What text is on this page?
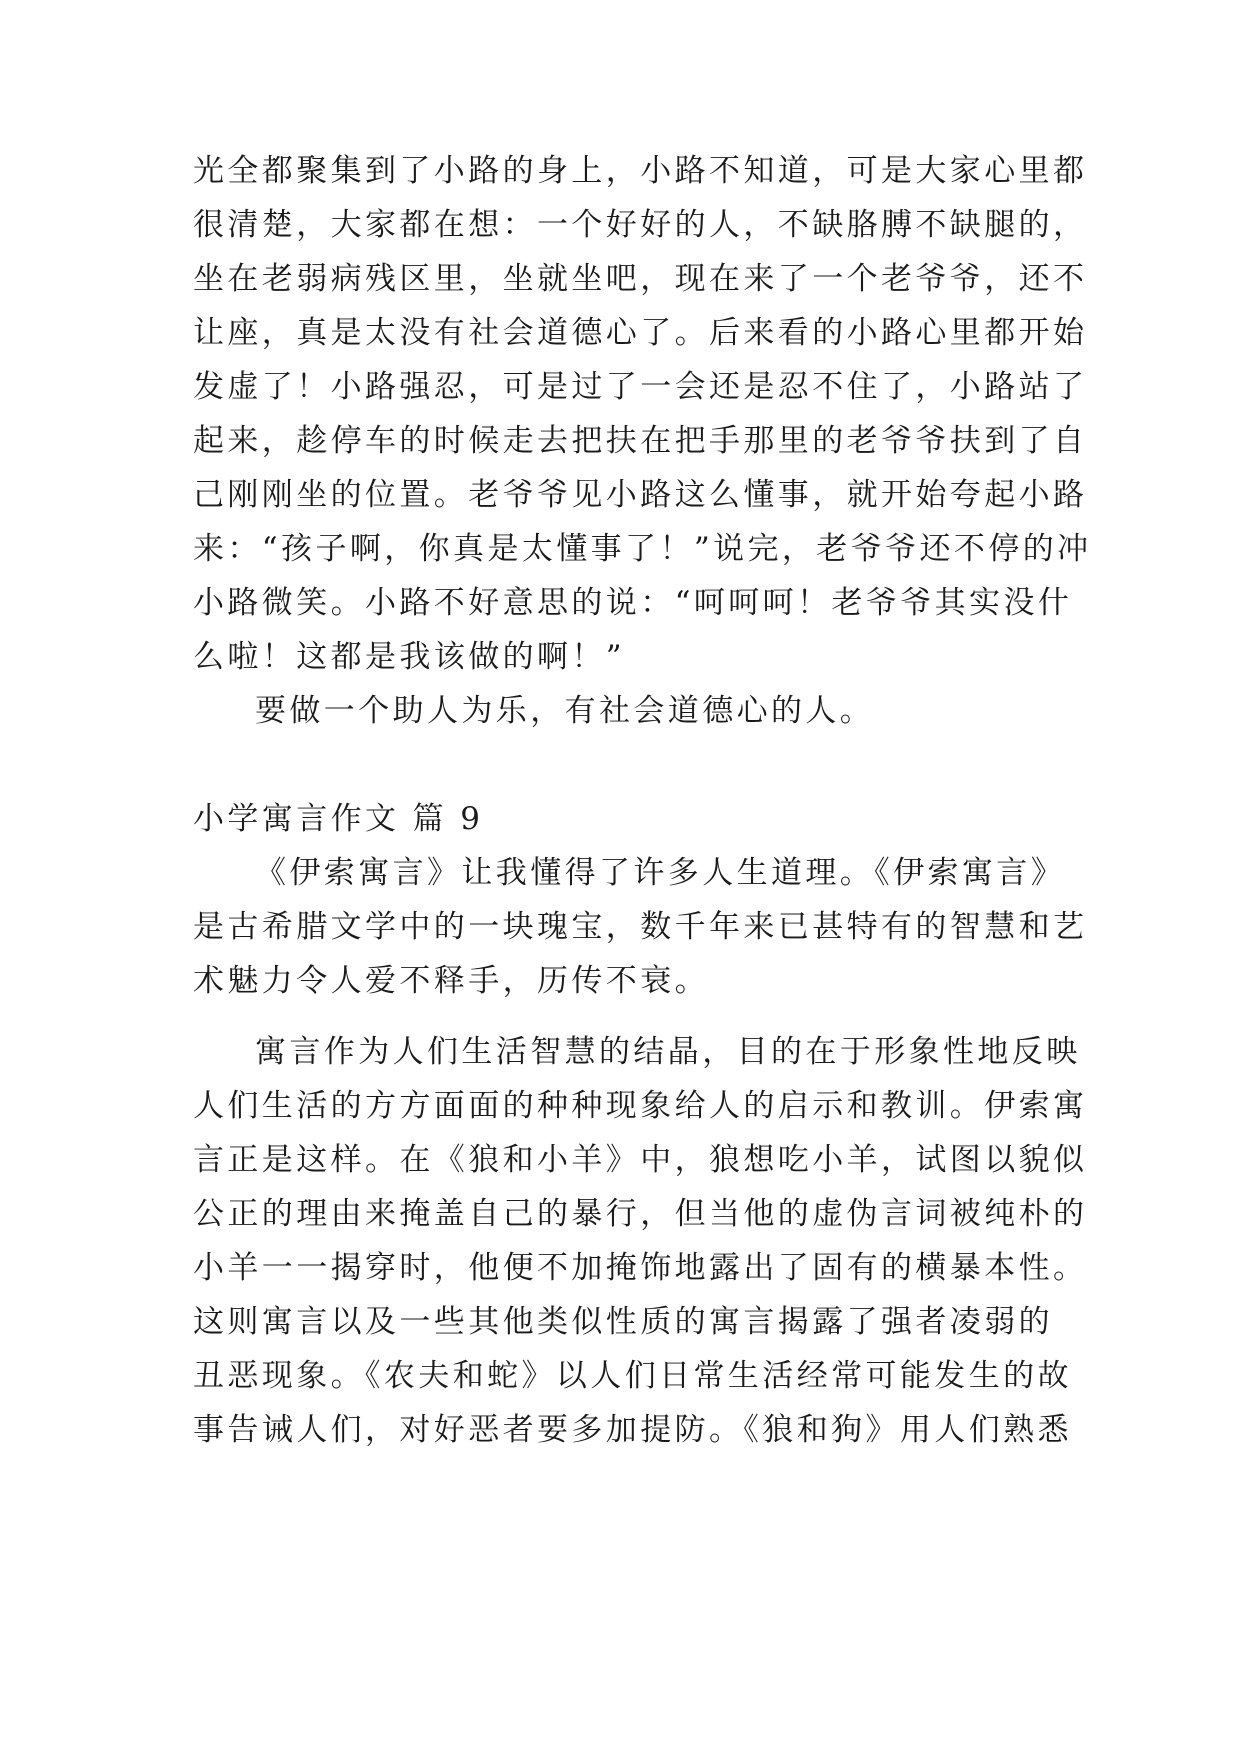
光全都聚集到了小路的身上，小路不知道，可是大家心里都
很清楚，大家都在想：一个好好的人，不缺胳膊不缺腿的，
坐在老弱病残区里，坐就坐吧，现在来了一个老爷爷，还不
让座，真是太没有社会道德心了。后来看的小路心里都开始
发虚了！小路强忍，可是过了一会还是忍不住了，小路站了
起来，趁停车的时候走去把扶在把手那里的老爷爷扶到了自
己刚刚坐的位置。老爷爷见小路这么懂事，就开始夸起小路
来：“孩子啊，你真是太懂事了！”说完，老爷爷还不停的冲
小路微笑。小路不好意思的说：“呵呵呵！老爷爷其实没什
么啦！这都是我该做的啊！”
要做一个助人为乐，有社会道德心的人。
小学寓言作文 篇 9
《伊索寓言》让我懂得了许多人生道理。《伊索寓言》
是古希腊文学中的一块瑰宝，数千年来已甚特有的智慧和艺
术魅力令人爱不释手，历传不衰。
寓言作为人们生活智慧的结晶，目的在于形象性地反映
人们生活的方方面面的种种现象给人的启示和教训。伊索寓
言正是这样。在《狼和小羊》中，狼想吃小羊，试图以貌似
公正的理由来掩盖自己的暴行，但当他的虚伪言词被纯朴的
小羊一一揭穿时，他便不加掩饰地露出了固有的横暴本性。
这则寓言以及一些其他类似性质的寓言揭露了强者凌弱的
丑恶现象。《农夫和蛇》以人们日常生活经常可能发生的故
事告诫人们，对好恶者要多加提防。《狼和狗》用人们熟悉
